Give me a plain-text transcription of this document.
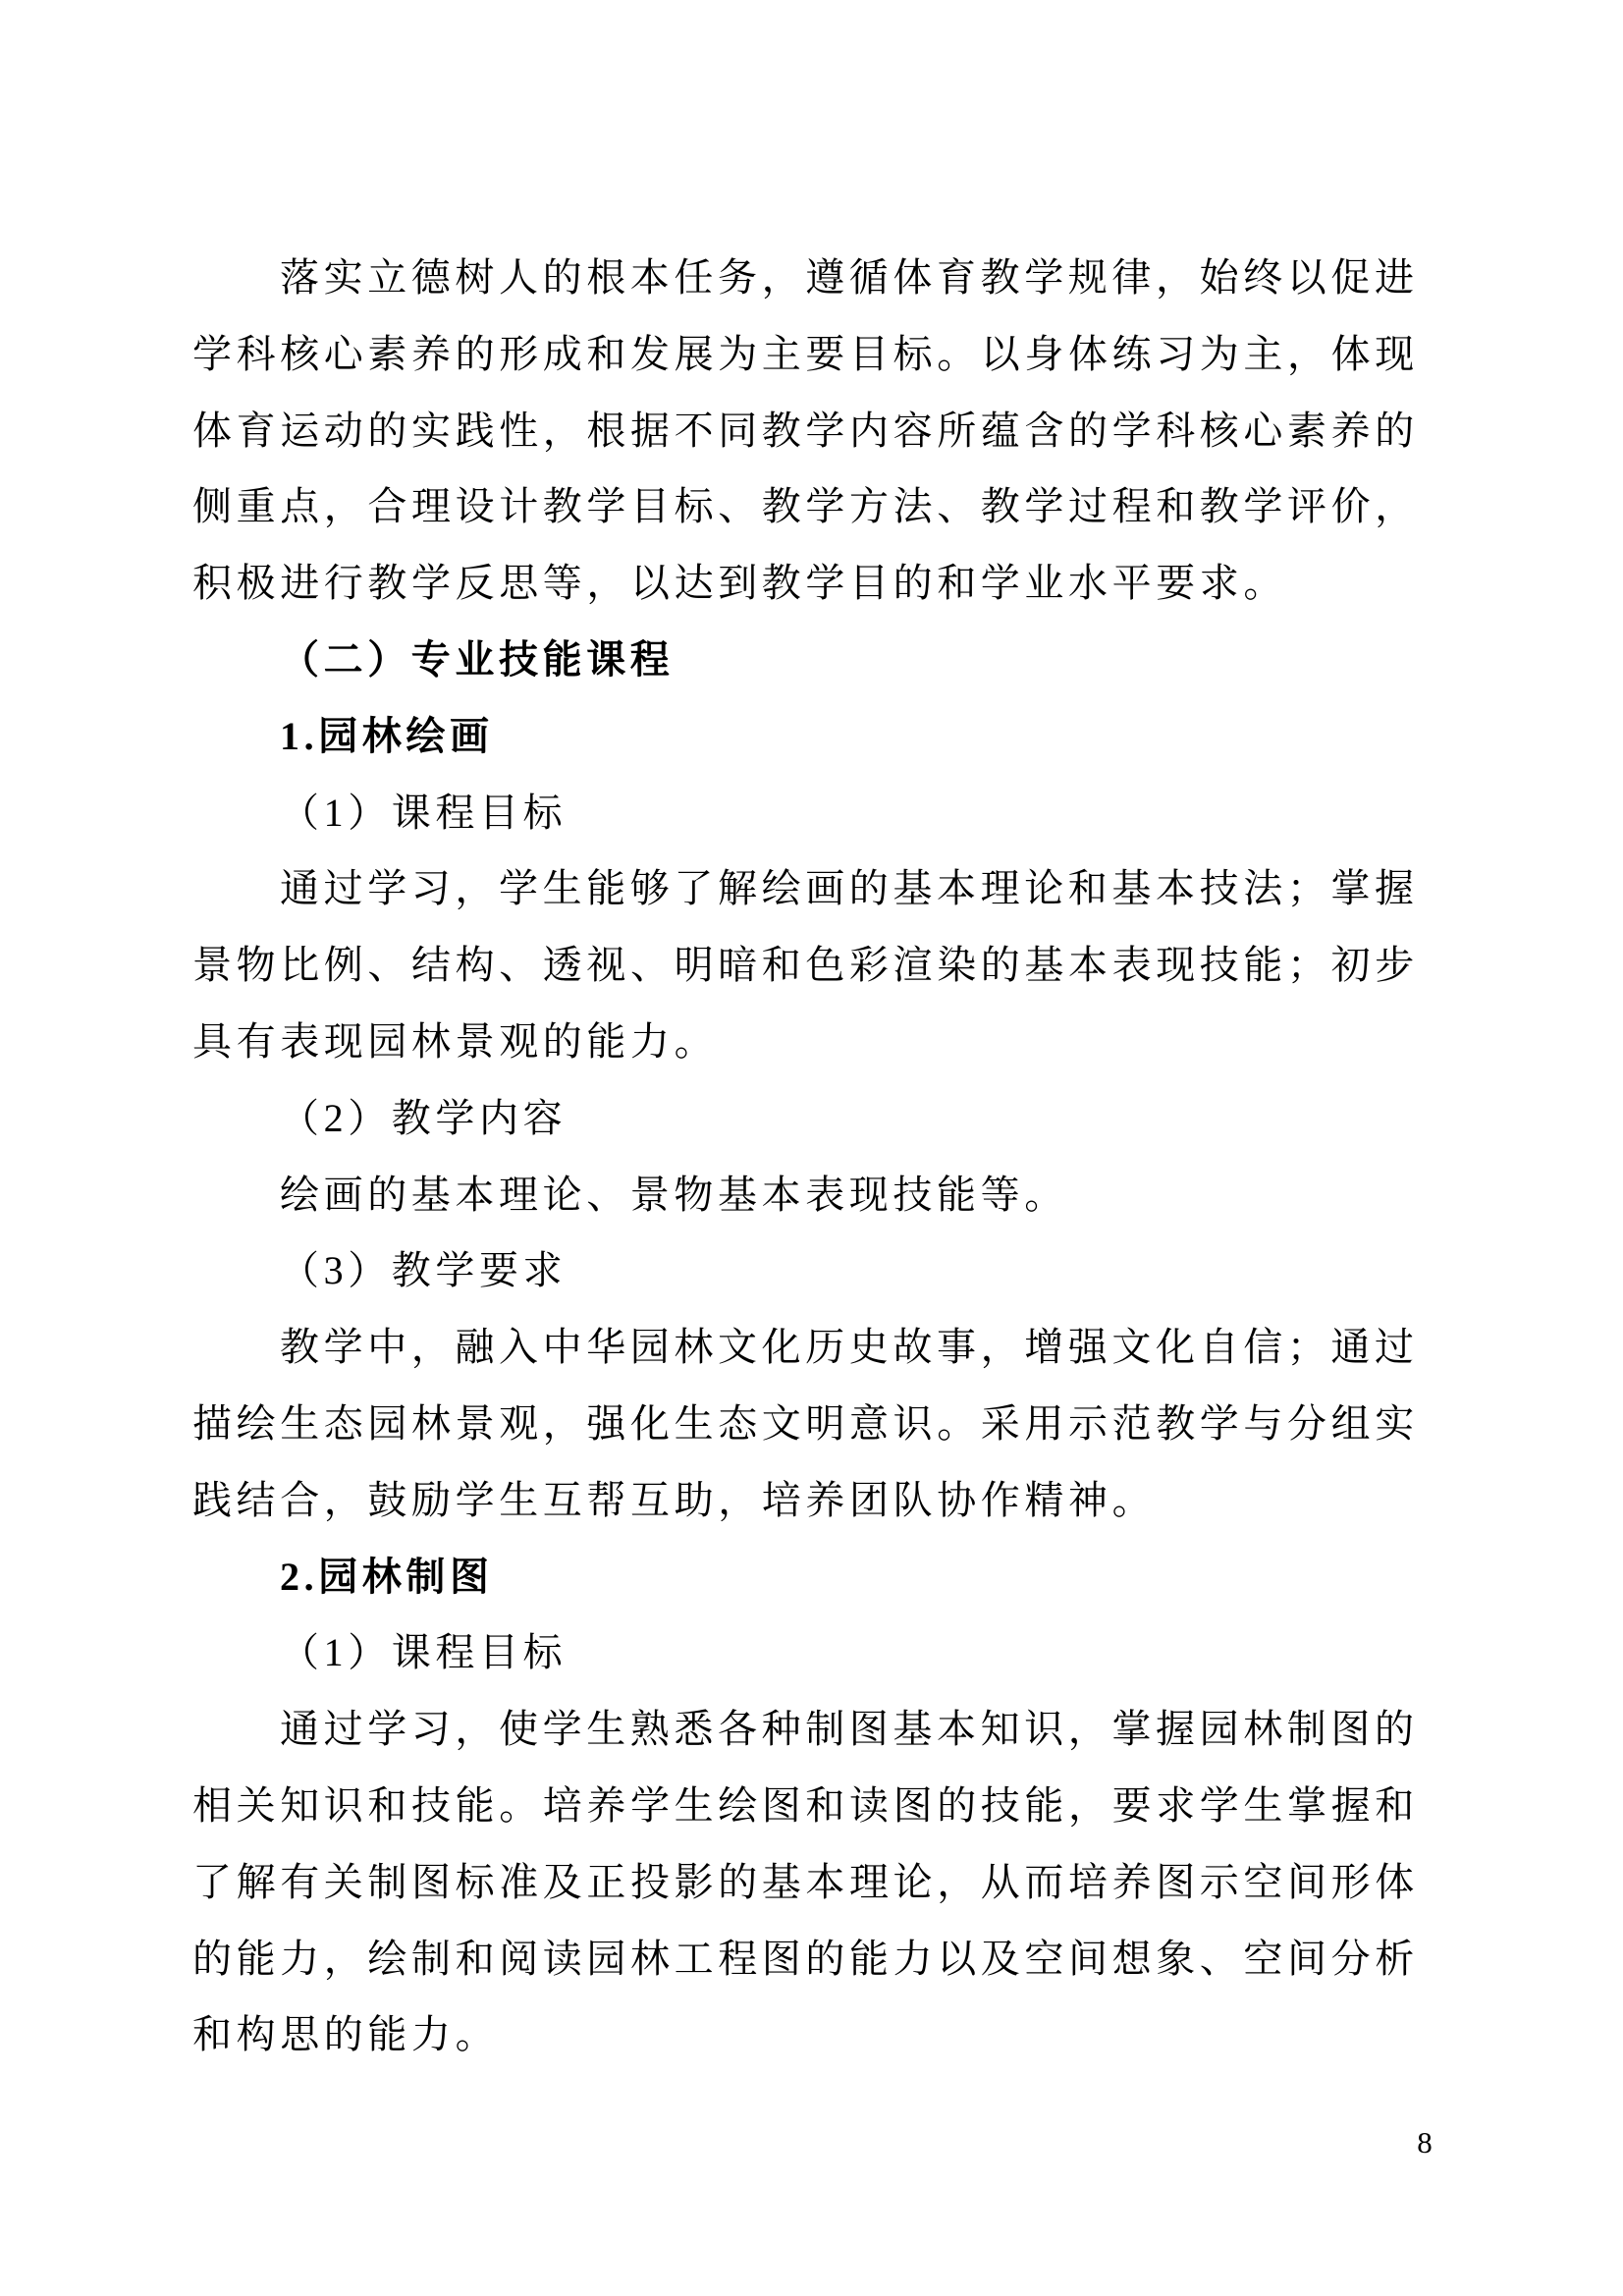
落实立德树人的根本任务，遵循体育教学规律，始终以促进
学科核心素养的形成和发展为主要目标。以身体练习为主，体现
体育运动的实践性，根据不同教学内容所蕴含的学科核心素养的
侧重点，合理设计教学目标、教学方法、教学过程和教学评价，
积极进行教学反思等，以达到教学目的和学业水平要求。
（二）专业技能课程
1.园林绘画
（1）课程目标
通过学习，学生能够了解绘画的基本理论和基本技法；掌握
景物比例、结构、透视、明暗和色彩渲染的基本表现技能；初步
具有表现园林景观的能力。
（2）教学内容
绘画的基本理论、景物基本表现技能等。
（3）教学要求
教学中，融入中华园林文化历史故事，增强文化自信；通过
描绘生态园林景观，强化生态文明意识。采用示范教学与分组实
践结合，鼓励学生互帮互助，培养团队协作精神。
2.园林制图
（1）课程目标
通过学习，使学生熟悉各种制图基本知识，掌握园林制图的
相关知识和技能。培养学生绘图和读图的技能，要求学生掌握和
了解有关制图标准及正投影的基本理论，从而培养图示空间形体
的能力，绘制和阅读园林工程图的能力以及空间想象、空间分析
和构思的能力。
8
